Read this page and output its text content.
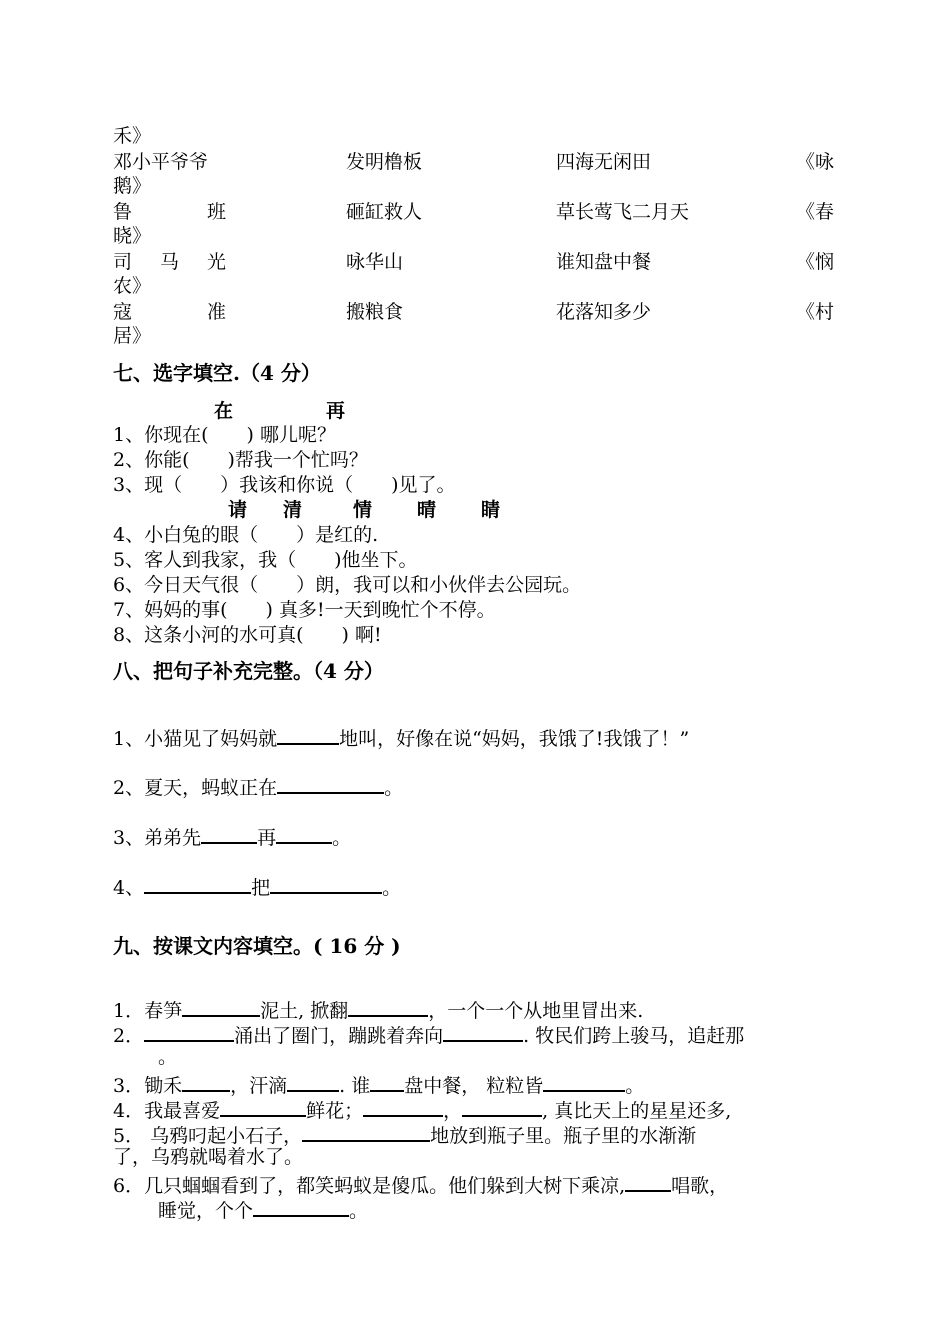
禾》
邓小平爷爷	发明橹板	四海无闲田	《咏
鹅》
鲁	班	砸缸救人	草长莺飞二月天	《春
晓》
司 马 光	咏华山	谁知盘中餐	《悯
农》
寇	准	搬粮食	花落知多少	《村
居》
七、选字填空.（4 分）
在	再
1、你现在(　　) 哪儿呢？
2、你能(　　)帮我一个忙吗？
3、现（　　）我该和你说（　　)见了。
请 清	情 晴 睛
4、小白兔的眼（　　）是红的.
5、客人到我家，我（　　)他坐下。
6、今日天气很（　　）朗，我可以和小伙伴去公园玩。
7、妈妈的事(　　) 真多!一天到晚忙个不停。
8、这条小河的水可真(　　) 啊!
八、把句子补充完整。（4 分）
1、小猫见了妈妈就	地叫，好像在说“妈妈，我饿了!我饿了！”
2、夏天，蚂蚁正在	。
3、弟弟先	再	。
4、	把	。
九、按课文内容填空。( 16 分 )
1．春笋	泥土, 掀翻	，一个一个从地里冒出来.
2．	涌出了圈门，蹦跳着奔向	. 牧民们跨上骏马，追赶那
。
3．锄禾	，汗滴	. 谁 盘中餐， 粒粒皆	。
4．我最喜爱	鲜花；	，	, 真比天上的星星还多,
5． 乌鸦叼起小石子，	地放到瓶子里。瓶子里的水渐渐
了，乌鸦就喝着水了。
6．几只蝈蝈看到了，都笑蚂蚁是傻瓜。他们躲到大树下乘凉, 唱歌，
睡觉，个个	。
